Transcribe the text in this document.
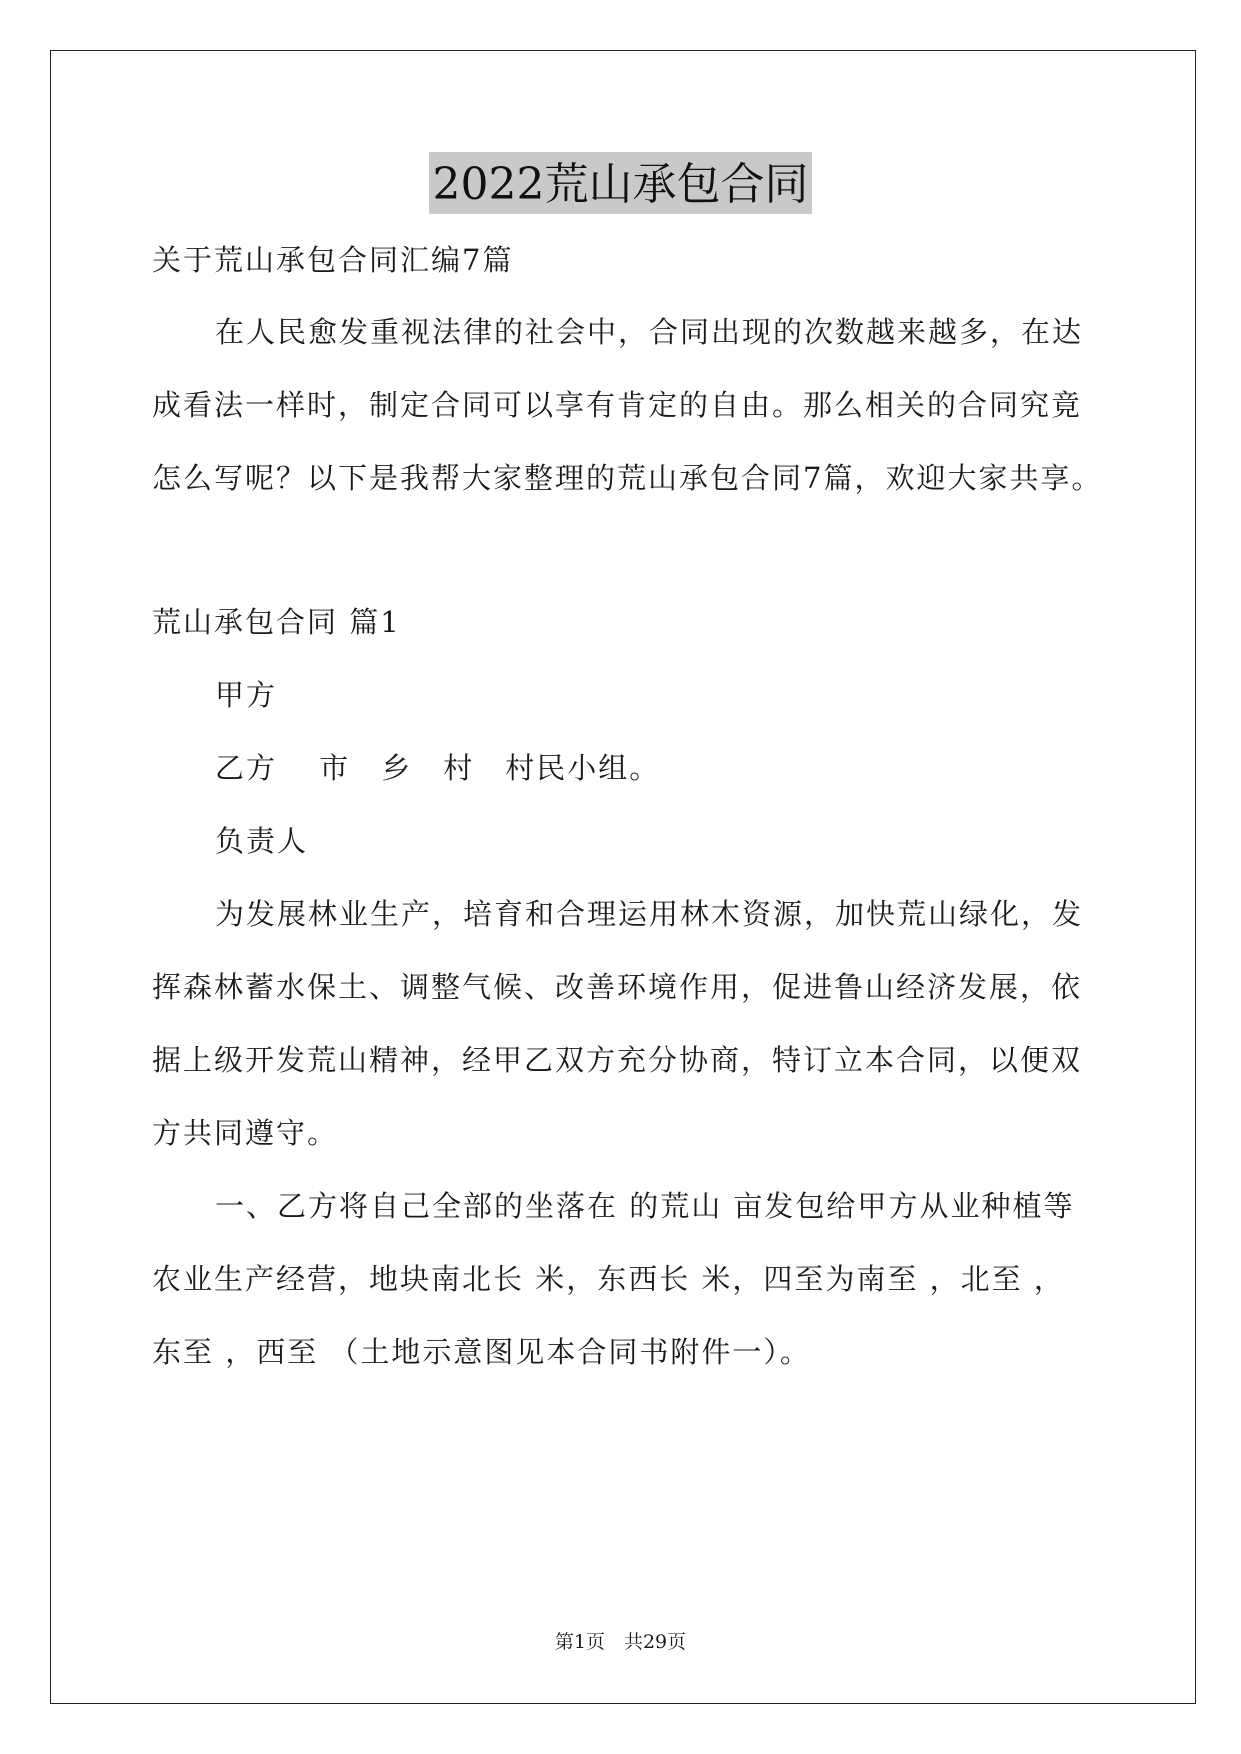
2022荒山承包合同
关于荒山承包合同汇编7篇
在人民愈发重视法律的社会中，合同出现的次数越来越多，在达
成看法一样时，制定合同可以享有肯定的自由。那么相关的合同究竟
怎么写呢？以下是我帮大家整理的荒山承包合同7篇，欢迎大家共享。
荒山承包合同 篇1
甲方
乙方　 市　乡　村　村民小组。
负责人
为发展林业生产，培育和合理运用林木资源，加快荒山绿化，发
挥森林蓄水保土、调整气候、改善环境作用，促进鲁山经济发展，依
据上级开发荒山精神，经甲乙双方充分协商，特订立本合同，以便双
方共同遵守。
一、乙方将自己全部的坐落在 的荒山 亩发包给甲方从业种植等
农业生产经营，地块南北长 米，东西长 米，四至为南至 ，北至 ，
东至 ，西至 （土地示意图见本合同书附件一）。
第1页　共29页
